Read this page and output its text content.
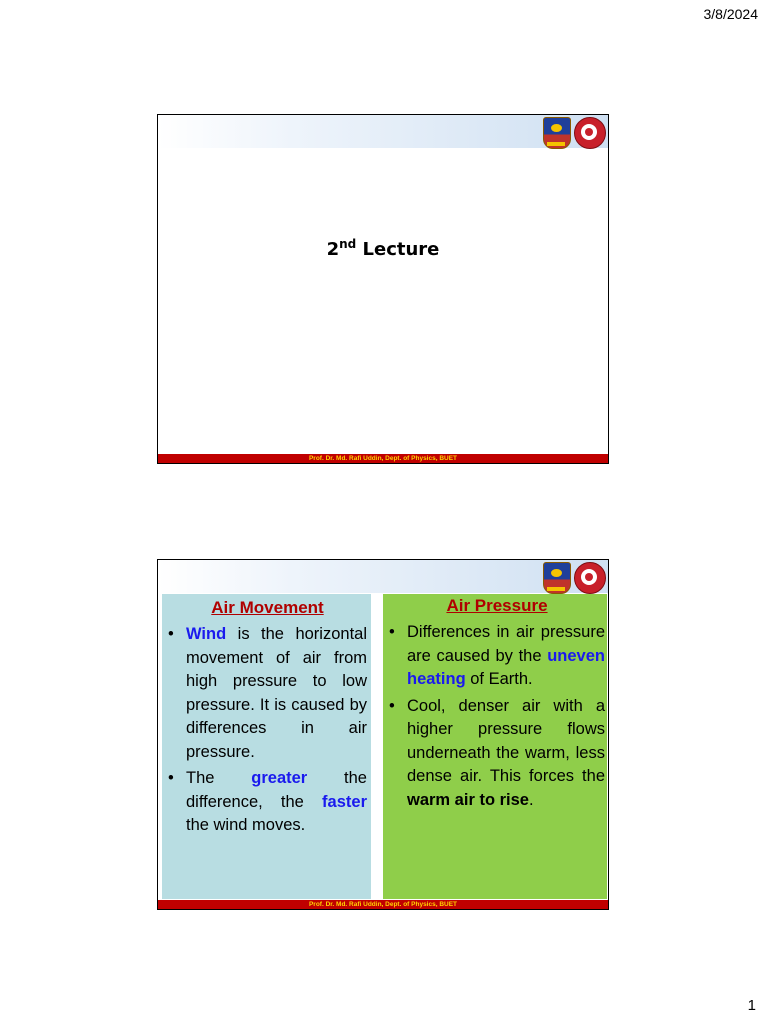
3/8/2024
2nd Lecture
Prof. Dr. Md. Rafi Uddin, Dept. of Physics, BUET
Air Movement
• Wind is the horizontal movement of air from high pressure to low pressure. It is caused by differences in air pressure.
• The greater the difference, the faster the wind moves.
Air Pressure
• Differences in air pressure are caused by the uneven heating of Earth.
• Cool, denser air with a higher pressure flows underneath the warm, less dense air. This forces the warm air to rise.
Prof. Dr. Md. Rafi Uddin, Dept. of Physics, BUET
1
